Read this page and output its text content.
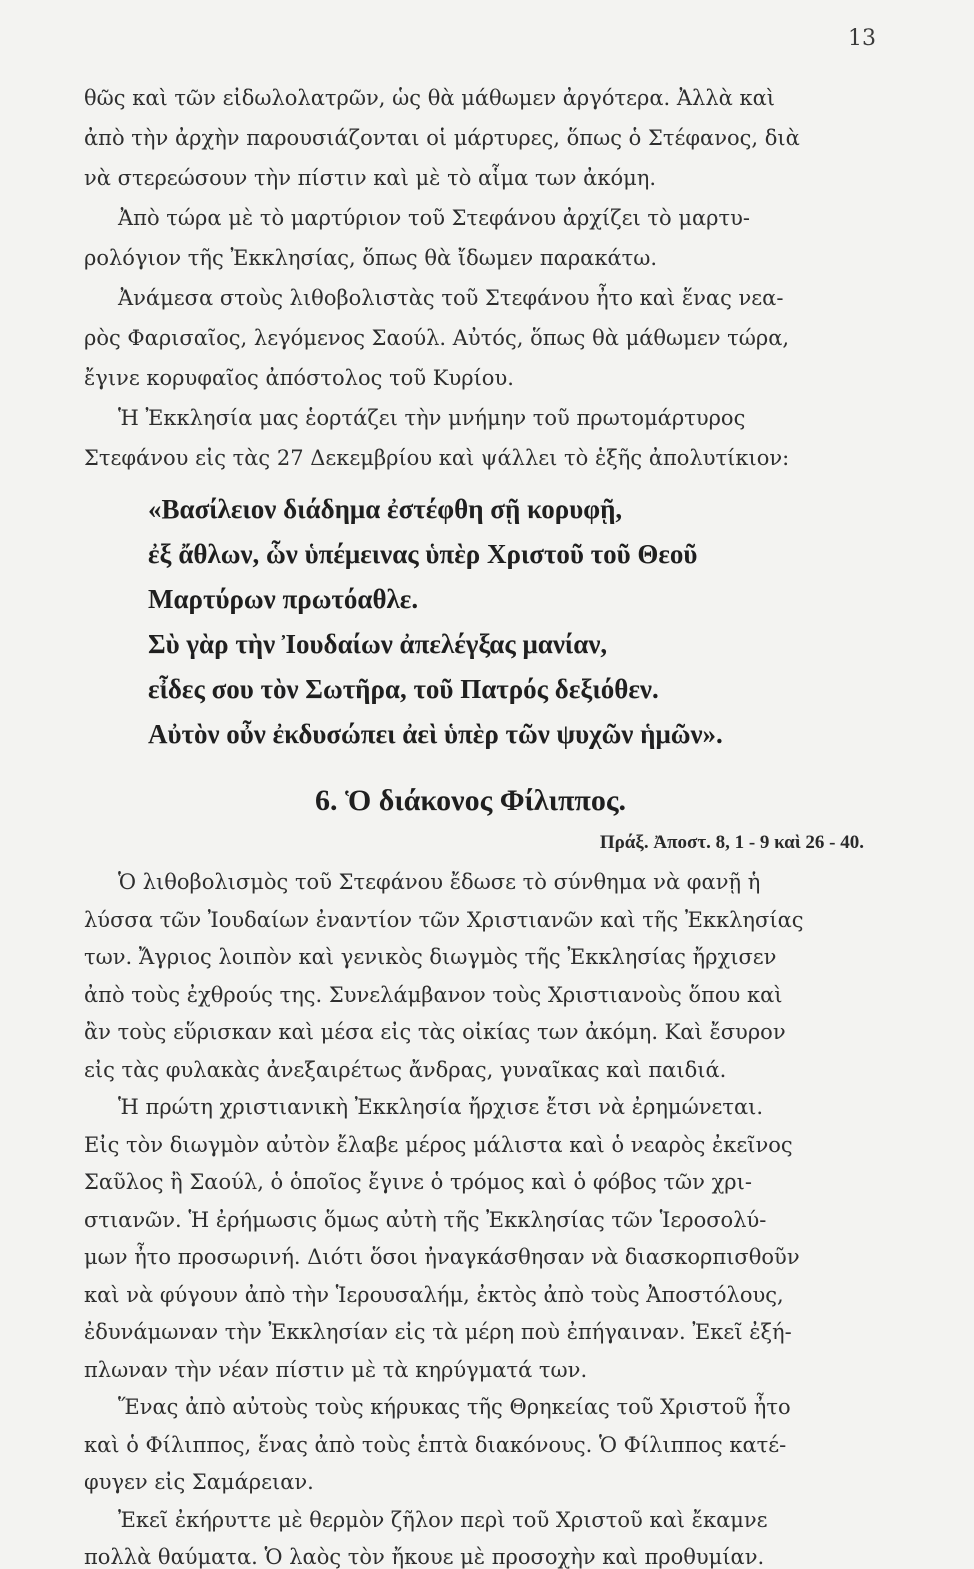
13
θῶς καὶ τῶν εἰδωλολατρῶν, ὡς θὰ μάθωμεν ἀργότερα. Ἀλλὰ καὶ
ἀπὸ τὴν ἀρχὴν παρουσιάζονται οἱ μάρτυρες, ὅπως ὁ Στέφανος, διὰ
νὰ στερεώσουν τὴν πίστιν καὶ μὲ τὸ αἷμα των ἀκόμη.
Ἀπὸ τώρα μὲ τὸ μαρτύριον τοῦ Στεφάνου ἀρχίζει τὸ μαρτυ-
ρολόγιον τῆς Ἐκκλησίας, ὅπως θὰ ἴδωμεν παρακάτω.
Ἀνάμεσα στοὺς λιθοβολιστὰς τοῦ Στεφάνου ἦτο καὶ ἕνας νεα-
ρὸς Φαρισαῖος, λεγόμενος Σαούλ. Αὐτός, ὅπως θὰ μάθωμεν τώρα,
ἔγινε κορυφαῖος ἀπόστολος τοῦ Κυρίου.
Ἡ Ἐκκλησία μας ἑορτάζει τὴν μνήμην τοῦ πρωτομάρτυρος
Στεφάνου εἰς τὰς 27 Δεκεμβρίου καὶ ψάλλει τὸ ἑξῆς ἀπολυτίκιον:
«Βασίλειον διάδημα ἐστέφθη σῇ κορυφῇ,
ἐξ ἄθλων, ὧν ὑπέμεινας ὑπὲρ Χριστοῦ τοῦ Θεοῦ
Μαρτύρων πρωτόαθλε.
Σὺ γὰρ τὴν Ἰουδαίων ἀπελέγξας μανίαν,
εἶδες σου τὸν Σωτῆρα, τοῦ Πατρός δεξιόθεν.
Αὐτὸν οὖν ἐκδυσώπει ἀεὶ ὑπὲρ τῶν ψυχῶν ἡμῶν».
6. Ὁ διάκονος Φίλιππος.
Πράξ. Ἀποστ. 8, 1 - 9 καὶ 26 - 40.
Ὁ λιθοβολισμὸς τοῦ Στεφάνου ἔδωσε τὸ σύνθημα νὰ φανῇ ἡ
λύσσα τῶν Ἰουδαίων ἐναντίον τῶν Χριστιανῶν καὶ τῆς Ἐκκλησίας
των. Ἄγριος λοιπὸν καὶ γενικὸς διωγμὸς τῆς Ἐκκλησίας ἤρχισεν
ἀπὸ τοὺς ἐχθρούς της. Συνελάμβανον τοὺς Χριστιανοὺς ὅπου καὶ
ἂν τοὺς εὕρισκαν καὶ μέσα εἰς τὰς οἰκίας των ἀκόμη. Καὶ ἔσυρον
εἰς τὰς φυλακὰς ἀνεξαιρέτως ἄνδρας, γυναῖκας καὶ παιδιά.
Ἡ πρώτη χριστιανικὴ Ἐκκλησία ἤρχισε ἔτσι νὰ ἐρημώνεται.
Εἰς τὸν διωγμὸν αὐτὸν ἔλαβε μέρος μάλιστα καὶ ὁ νεαρὸς ἐκεῖνος
Σαῦλος ἢ Σαούλ, ὁ ὁποῖος ἔγινε ὁ τρόμος καὶ ὁ φόβος τῶν χρι-
στιανῶν. Ἡ ἐρήμωσις ὅμως αὐτὴ τῆς Ἐκκλησίας τῶν Ἱεροσολύ-
μων ἦτο προσωρινή. Διότι ὅσοι ἠναγκάσθησαν νὰ διασκορπισθοῦν
καὶ νὰ φύγουν ἀπὸ τὴν Ἱερουσαλήμ, ἐκτὸς ἀπὸ τοὺς Ἀποστόλους,
ἐδυνάμωναν τὴν Ἐκκλησίαν εἰς τὰ μέρη ποὺ ἐπήγαιναν. Ἐκεῖ ἐξή-
πλωναν τὴν νέαν πίστιν μὲ τὰ κηρύγματά των.
Ἕνας ἀπὸ αὐτοὺς τοὺς κήρυκας τῆς Θρηκείας τοῦ Χριστοῦ ἦτο
καὶ ὁ Φίλιππος, ἕνας ἀπὸ τοὺς ἑπτὰ διακόνους. Ὁ Φίλιππος κατέ-
φυγεν εἰς Σαμάρειαν.
Ἐκεῖ ἐκήρυττε μὲ θερμὸν ζῆλον περὶ τοῦ Χριστοῦ καὶ ἔκαμνε
πολλὰ θαύματα. Ὁ λαὸς τὸν ἤκουε μὲ προσοχὴν καὶ προθυμίαν.
